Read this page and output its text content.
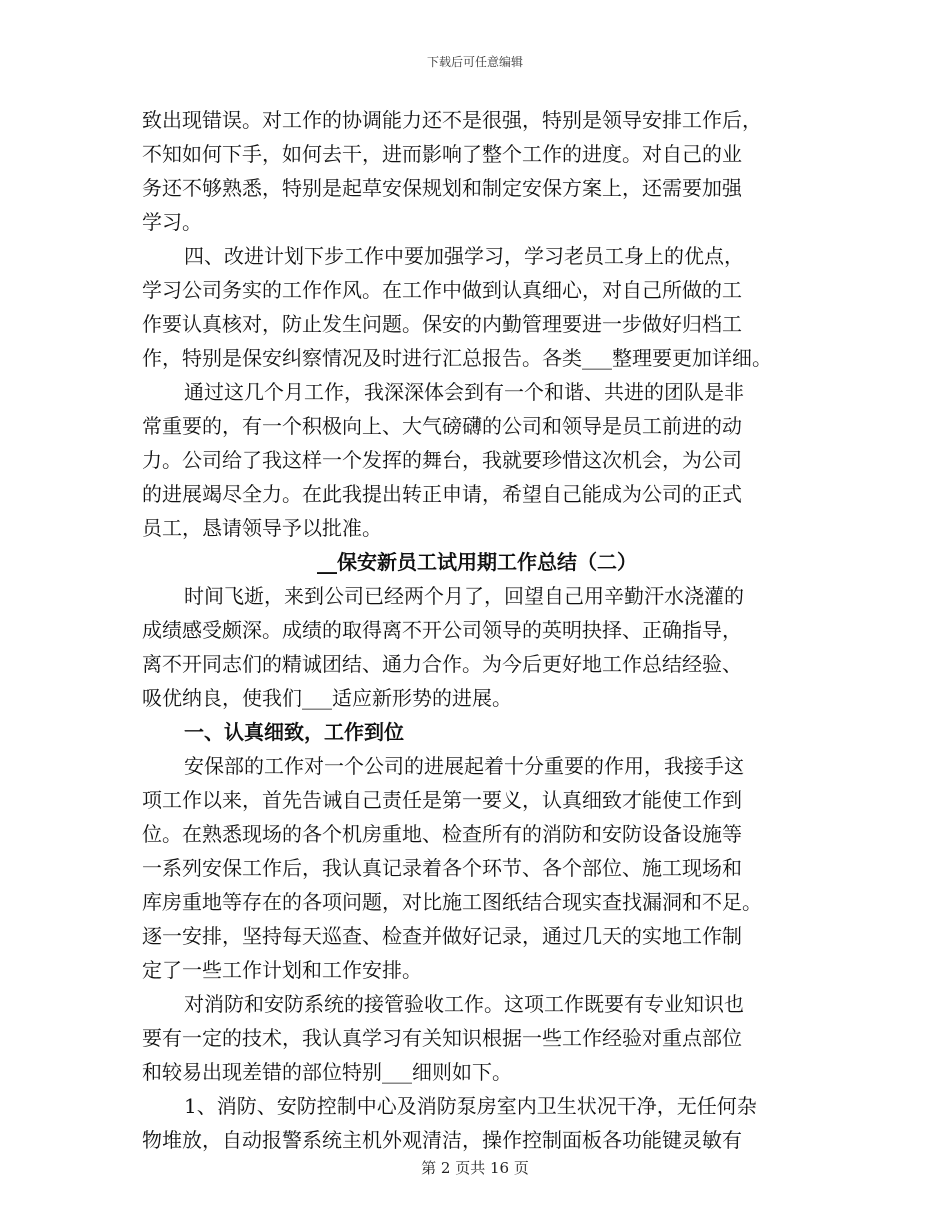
下载后可任意编辑
致出现错误。对工作的协调能力还不是很强，特别是领导安排工作后，
不知如何下手，如何去干，进而影响了整个工作的进度。对自己的业
务还不够熟悉，特别是起草安保规划和制定安保方案上，还需要加强
学习。
四、改进计划下步工作中要加强学习，学习老员工身上的优点，
学习公司务实的工作作风。在工作中做到认真细心，对自己所做的工
作要认真核对，防止发生问题。保安的内勤管理要进一步做好归档工
作，特别是保安纠察情况及时进行汇总报告。各类___整理要更加详细。
通过这几个月工作，我深深体会到有一个和谐、共进的团队是非
常重要的，有一个积极向上、大气磅礴的公司和领导是员工前进的动
力。公司给了我这样一个发挥的舞台，我就要珍惜这次机会，为公司
的进展竭尽全力。在此我提出转正申请，希望自己能成为公司的正式
员工，恳请领导予以批准。
__保安新员工试用期工作总结（二）
时间飞逝，来到公司已经两个月了，回望自己用辛勤汗水浇灌的
成绩感受颇深。成绩的取得离不开公司领导的英明抉择、正确指导，
离不开同志们的精诚团结、通力合作。为今后更好地工作总结经验、
吸优纳良，使我们___适应新形势的进展。
一、认真细致，工作到位
安保部的工作对一个公司的进展起着十分重要的作用，我接手这
项工作以来，首先告诫自己责任是第一要义，认真细致才能使工作到
位。在熟悉现场的各个机房重地、检查所有的消防和安防设备设施等
一系列安保工作后，我认真记录着各个环节、各个部位、施工现场和
库房重地等存在的各项问题，对比施工图纸结合现实查找漏洞和不足。
逐一安排，坚持每天巡查、检查并做好记录，通过几天的实地工作制
定了一些工作计划和工作安排。
对消防和安防系统的接管验收工作。这项工作既要有专业知识也
要有一定的技术，我认真学习有关知识根据一些工作经验对重点部位
和较易出现差错的部位特别___细则如下。
1、消防、安防控制中心及消防泵房室内卫生状况干净，无任何杂
物堆放，自动报警系统主机外观清洁，操作控制面板各功能键灵敏有
第 2 页共 16 页
